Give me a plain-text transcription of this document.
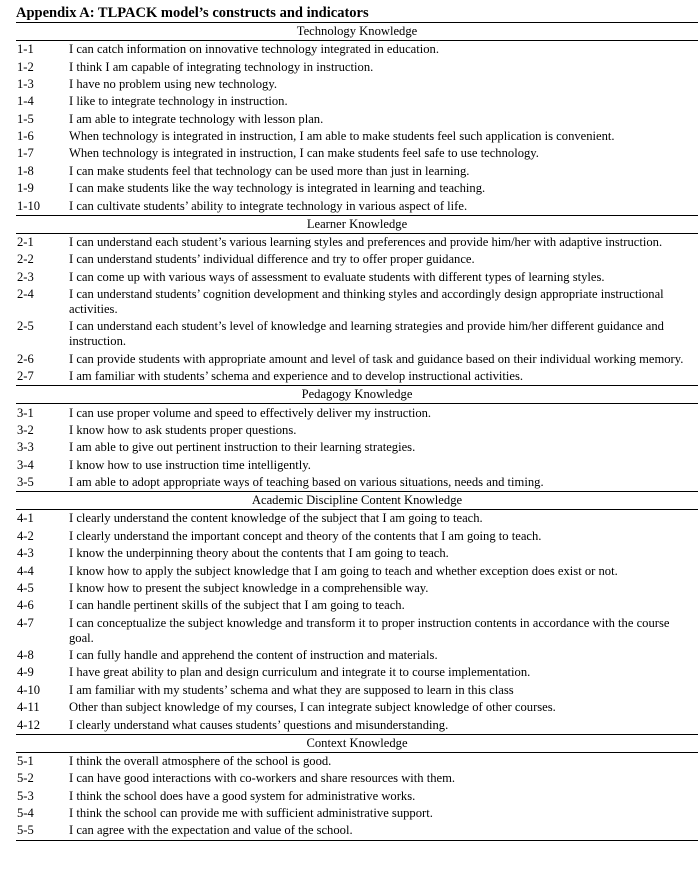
Appendix A: TLPACK model’s constructs and indicators
Technology Knowledge	
1-1	I can catch information on innovative technology integrated in education.
1-2	I think I am capable of integrating technology in instruction.
1-3	I have no problem using new technology.
1-4	I like to integrate technology in instruction.
1-5	I am able to integrate technology with lesson plan.
1-6	When technology is integrated in instruction, I am able to make students feel such application is convenient.
1-7	When technology is integrated in instruction, I can make students feel safe to use technology.
1-8	I can make students feel that technology can be used more than just in learning.
1-9	I can make students like the way technology is integrated in learning and teaching.
1-10	I can cultivate students’ ability to integrate technology in various aspect of life.
Learner Knowledge	
2-1	I can understand each student’s various learning styles and preferences and provide him/her with adaptive instruction.
2-2	I can understand students’ individual difference and try to offer proper guidance.
2-3	I can come up with various ways of assessment to evaluate students with different types of learning styles.
2-4	I can understand students’ cognition development and thinking styles and accordingly design appropriate instructional activities.
2-5	I can understand each student’s level of knowledge and learning strategies and provide him/her different guidance and instruction.
2-6	I can provide students with appropriate amount and level of task and guidance based on their individual working memory.
2-7	I am familiar with students’ schema and experience and to develop instructional activities.
Pedagogy Knowledge	
3-1	I can use proper volume and speed to effectively deliver my instruction.
3-2	I know how to ask students proper questions.
3-3	I am able to give out pertinent instruction to their learning strategies.
3-4	I know how to use instruction time intelligently.
3-5	I am able to adopt appropriate ways of teaching based on various situations, needs and timing.
Academic Discipline Content Knowledge	
4-1	I clearly understand the content knowledge of the subject that I am going to teach.
4-2	I clearly understand the important concept and theory of the contents that I am going to teach.
4-3	I know the underpinning theory about the contents that I am going to teach.
4-4	I know how to apply the subject knowledge that I am going to teach and whether exception does exist or not.
4-5	I know how to present the subject knowledge in a comprehensible way.
4-6	I can handle pertinent skills of the subject that I am going to teach.
4-7	I can conceptualize the subject knowledge and transform it to proper instruction contents in accordance with the course goal.
4-8	I can fully handle and apprehend the content of instruction and materials.
4-9	I have great ability to plan and design curriculum and integrate it to course implementation.
4-10	I am familiar with my students’ schema and what they are supposed to learn in this class
4-11	Other than subject knowledge of my courses, I can integrate subject knowledge of other courses.
4-12	I clearly understand what causes students’ questions and misunderstanding.
Context Knowledge	
5-1	I think the overall atmosphere of the school is good.
5-2	I can have good interactions with co-workers and share resources with them.
5-3	I think the school does have a good system for administrative works.
5-4	I think the school can provide me with sufficient administrative support.
5-5	I can agree with the expectation and value of the school.
